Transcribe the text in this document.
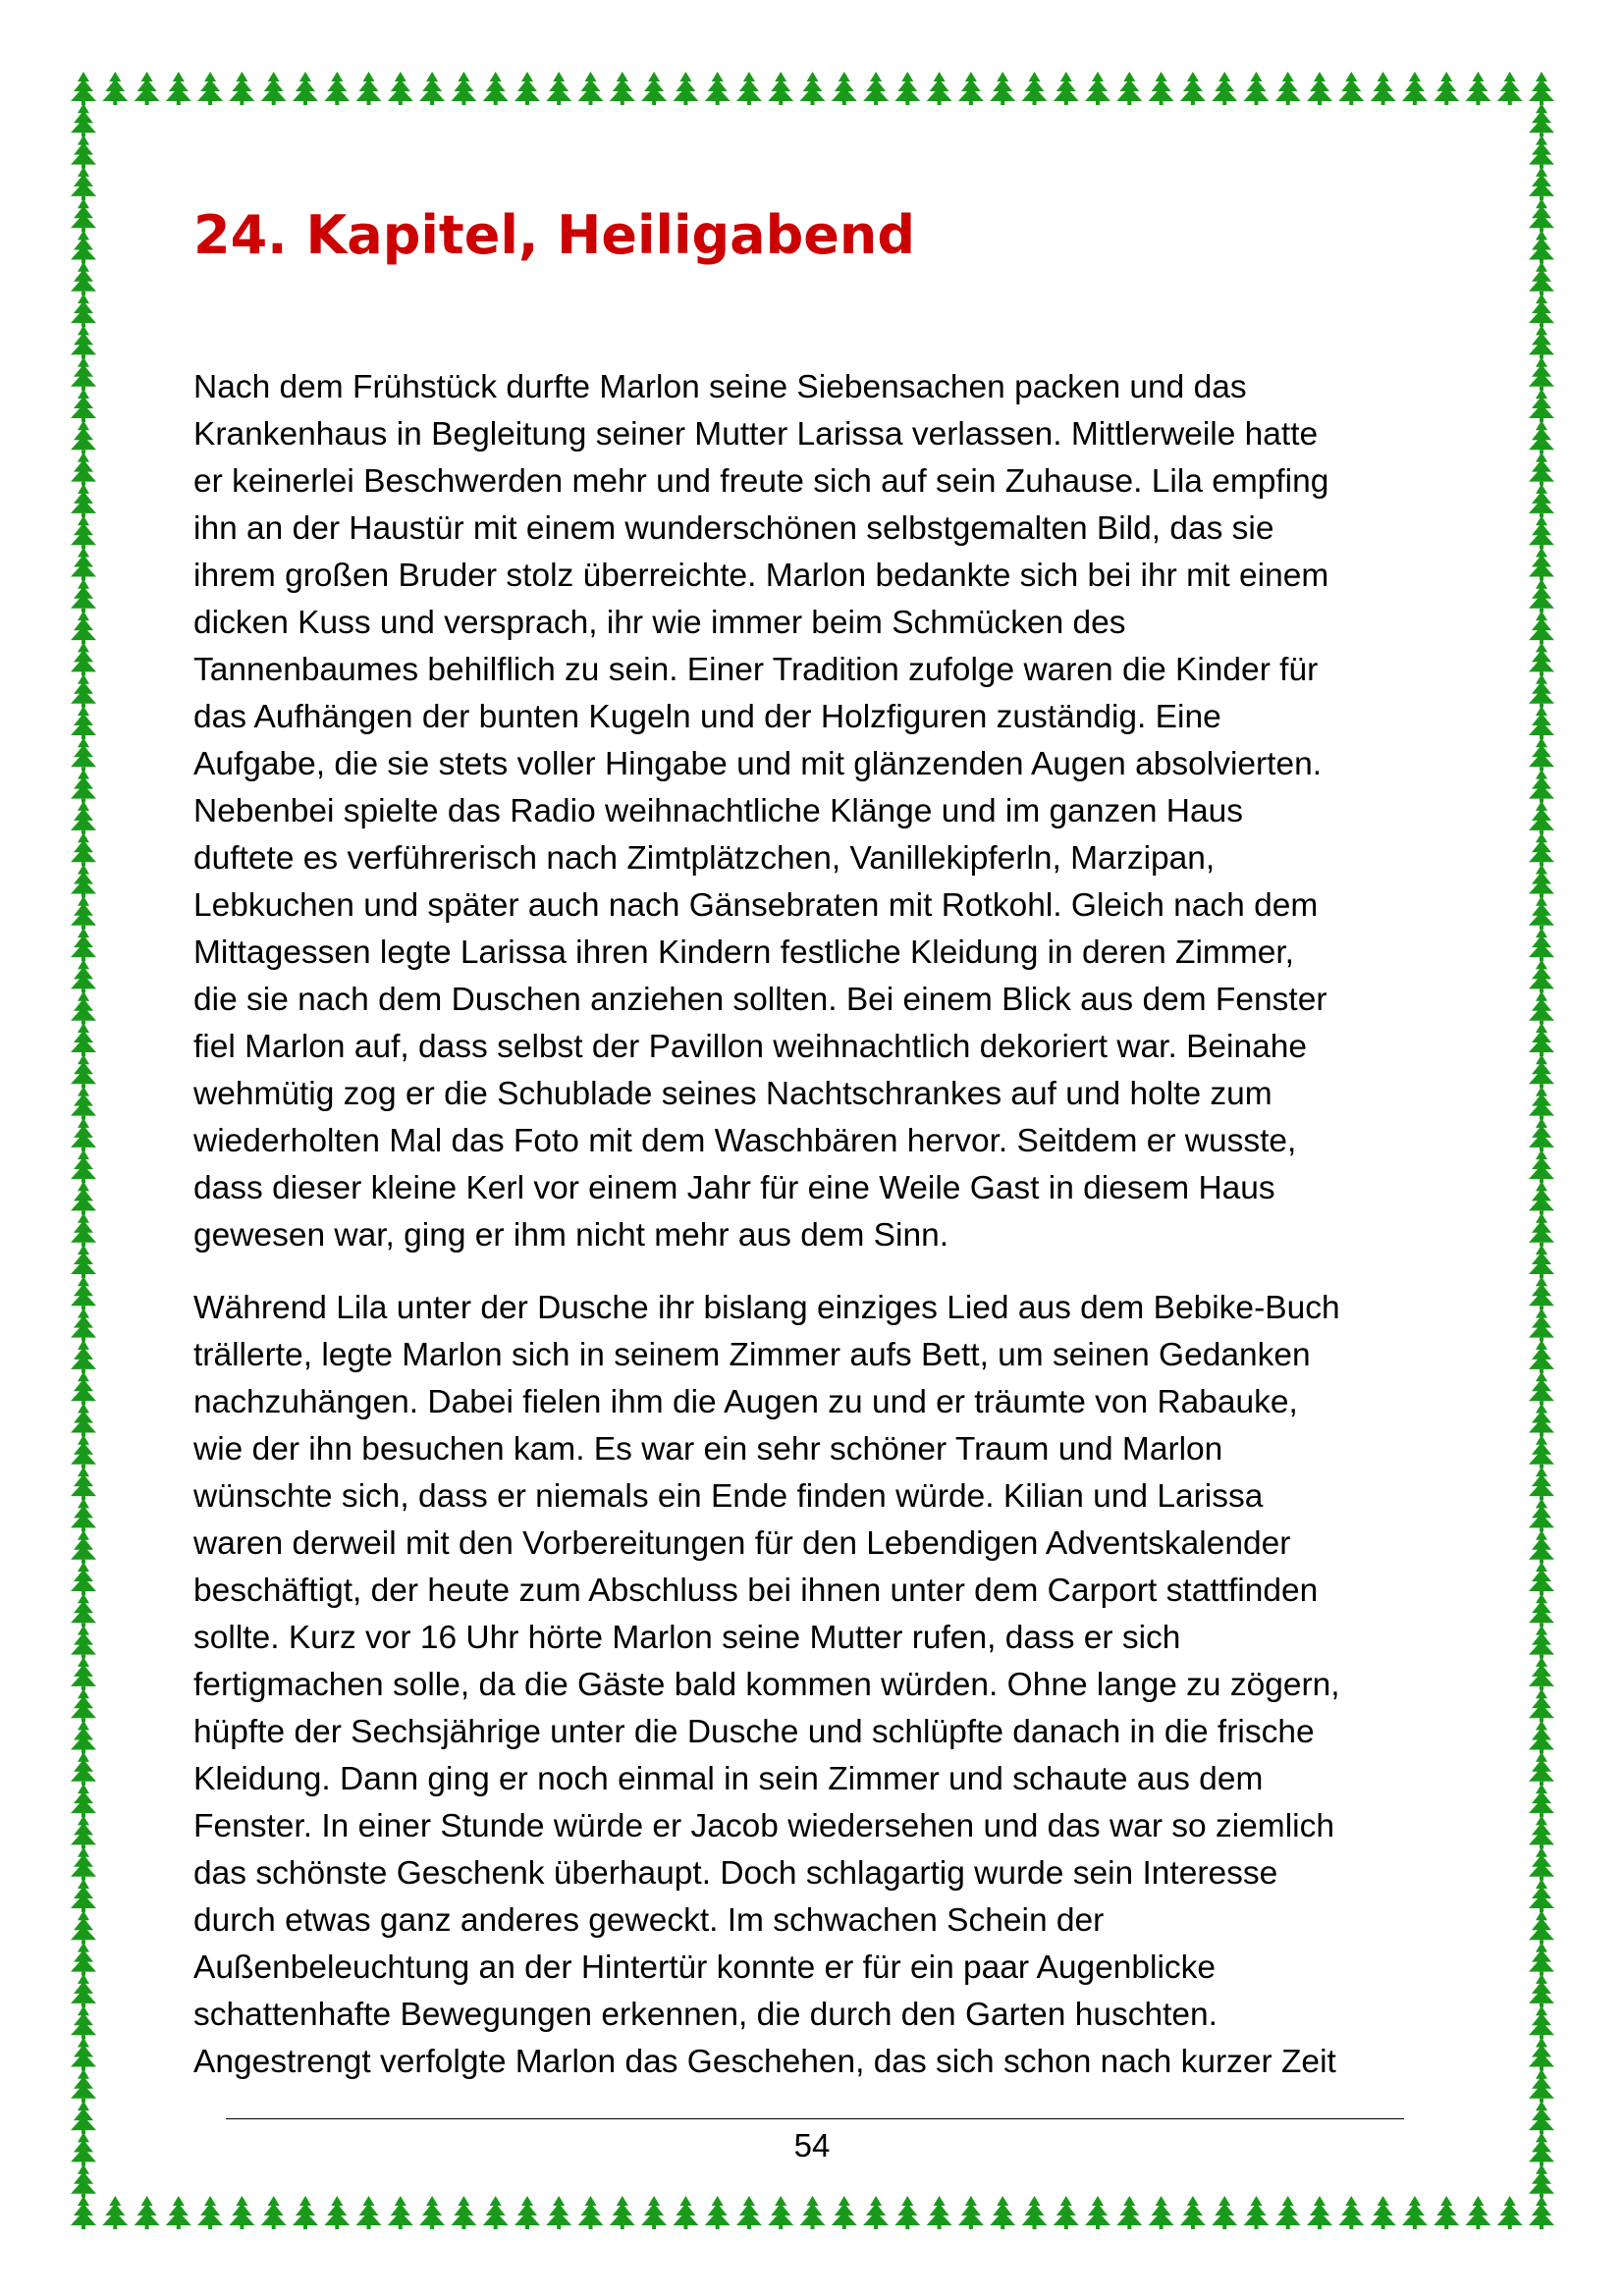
24. Kapitel, Heiligabend

Nach dem Frühstück durfte Marlon seine Siebensachen packen und das
Krankenhaus in Begleitung seiner Mutter Larissa verlassen. Mittlerweile hatte
er keinerlei Beschwerden mehr und freute sich auf sein Zuhause. Lila empfing
ihn an der Haustür mit einem wunderschönen selbstgemalten Bild, das sie
ihrem großen Bruder stolz überreichte. Marlon bedankte sich bei ihr mit einem
dicken Kuss und versprach, ihr wie immer beim Schmücken des
Tannenbaumes behilflich zu sein. Einer Tradition zufolge waren die Kinder für
das Aufhängen der bunten Kugeln und der Holzfiguren zuständig. Eine
Aufgabe, die sie stets voller Hingabe und mit glänzenden Augen absolvierten.
Nebenbei spielte das Radio weihnachtliche Klänge und im ganzen Haus
duftete es verführerisch nach Zimtplätzchen, Vanillekipferln, Marzipan,
Lebkuchen und später auch nach Gänsebraten mit Rotkohl. Gleich nach dem
Mittagessen legte Larissa ihren Kindern festliche Kleidung in deren Zimmer,
die sie nach dem Duschen anziehen sollten. Bei einem Blick aus dem Fenster
fiel Marlon auf, dass selbst der Pavillon weihnachtlich dekoriert war. Beinahe
wehmütig zog er die Schublade seines Nachtschrankes auf und holte zum
wiederholten Mal das Foto mit dem Waschbären hervor. Seitdem er wusste,
dass dieser kleine Kerl vor einem Jahr für eine Weile Gast in diesem Haus
gewesen war, ging er ihm nicht mehr aus dem Sinn.

Während Lila unter der Dusche ihr bislang einziges Lied aus dem Bebike-Buch
trällerte, legte Marlon sich in seinem Zimmer aufs Bett, um seinen Gedanken
nachzuhängen. Dabei fielen ihm die Augen zu und er träumte von Rabauke,
wie der ihn besuchen kam. Es war ein sehr schöner Traum und Marlon
wünschte sich, dass er niemals ein Ende finden würde. Kilian und Larissa
waren derweil mit den Vorbereitungen für den Lebendigen Adventskalender
beschäftigt, der heute zum Abschluss bei ihnen unter dem Carport stattfinden
sollte. Kurz vor 16 Uhr hörte Marlon seine Mutter rufen, dass er sich
fertigmachen solle, da die Gäste bald kommen würden. Ohne lange zu zögern,
hüpfte der Sechsjährige unter die Dusche und schlüpfte danach in die frische
Kleidung. Dann ging er noch einmal in sein Zimmer und schaute aus dem
Fenster. In einer Stunde würde er Jacob wiedersehen und das war so ziemlich
das schönste Geschenk überhaupt. Doch schlagartig wurde sein Interesse
durch etwas ganz anderes geweckt. Im schwachen Schein der
Außenbeleuchtung an der Hintertür konnte er für ein paar Augenblicke
schattenhafte Bewegungen erkennen, die durch den Garten huschten.
Angestrengt verfolgte Marlon das Geschehen, das sich schon nach kurzer Zeit

54
